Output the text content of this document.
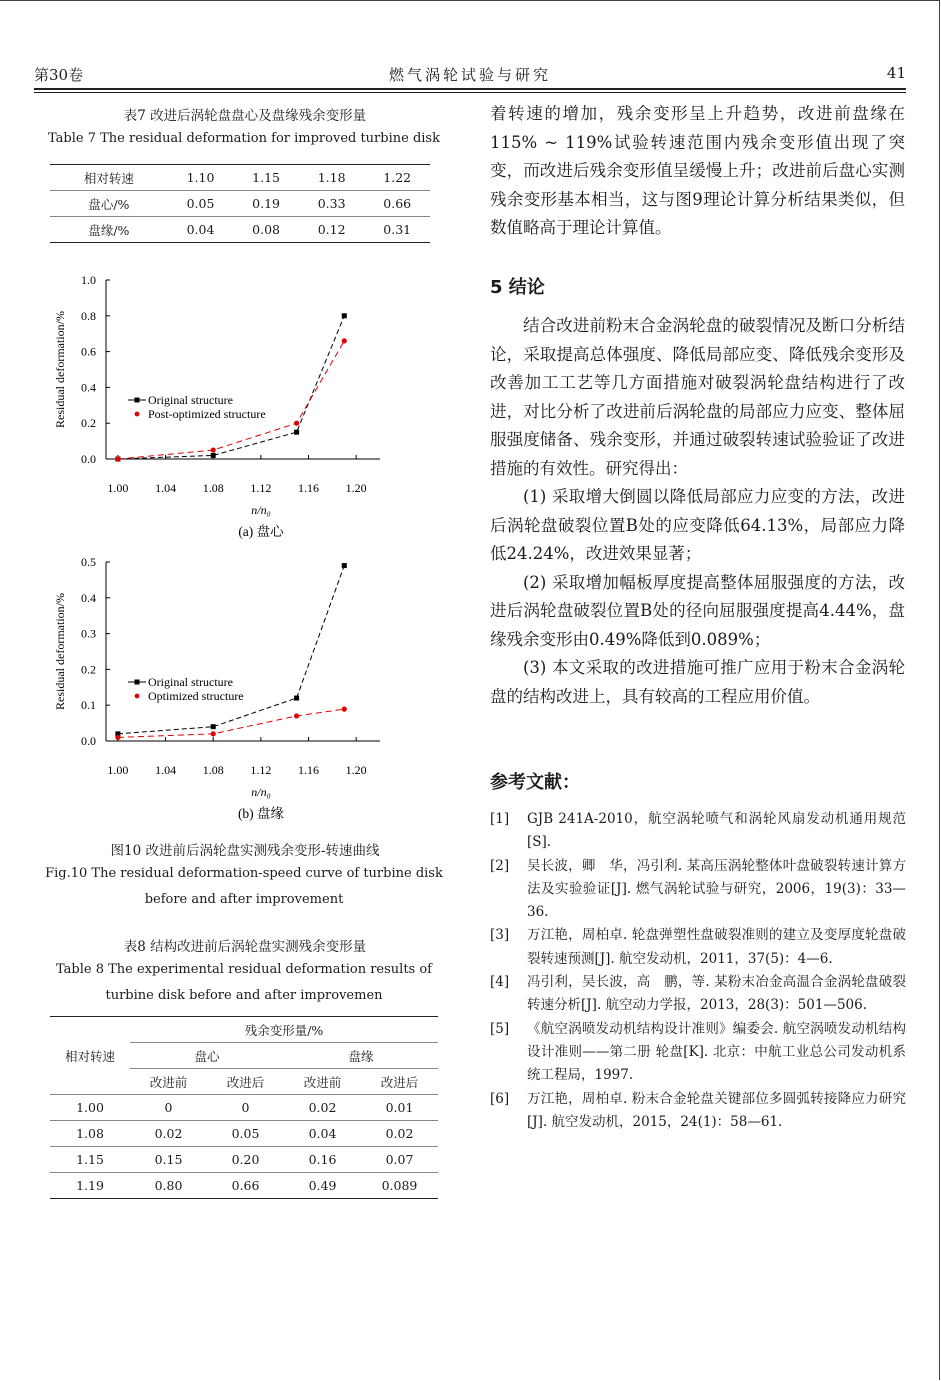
第30卷	燃气涡轮试验与研究	41
表7 改进后涡轮盘盘心及盘缘残余变形量
Table 7 The residual deformation for improved turbine disk
相对转速	1.10	1.15	1.18	1.22
盘心/%	0.05	0.19	0.33	0.66
盘缘/%	0.04	0.08	0.12	0.31
0.0
0.2
0.4
0.6
0.8
1.0
1.00 1.04 1.08 1.12 1.16 1.20
Residual deformation/%
n/n₀
Original structure
Post-optimized structure
(a) 盘心
0.0
0.1
0.2
0.3
0.4
0.5
1.00 1.04 1.08 1.12 1.16 1.20
Residual deformation/%
n/n₀
Original structure
Optimized structure
(b) 盘缘
图10 改进前后涡轮盘实测残余变形-转速曲线
Fig.10 The residual deformation-speed curve of turbine disk
before and after improvement
表8 结构改进前后涡轮盘实测残余变形量
Table 8 The experimental residual deformation results of
turbine disk before and after improvemen
相对转速	残余变形量/%			
	盘心		盘缘	
	改进前	改进后	改进前	改进后
1.00	0	0	0.02	0.01
1.08	0.02	0.05	0.04	0.02
1.15	0.15	0.20	0.16	0.07
1.19	0.80	0.66	0.49	0.089

着转速的增加，残余变形呈上升趋势，改进前盘缘在115% ~ 119%试验转速范围内残余变形值出现了突变，而改进后残余变形值呈缓慢上升；改进前后盘心实测残余变形基本相当，这与图9理论计算分析结果类似，但数值略高于理论计算值。

5 结论

结合改进前粉末合金涡轮盘的破裂情况及断口分析结论，采取提高总体强度、降低局部应变、降低残余变形及改善加工工艺等几方面措施对破裂涡轮盘结构进行了改进，对比分析了改进前后涡轮盘的局部应力应变、整体屈服强度储备、残余变形，并通过破裂转速试验验证了改进措施的有效性。研究得出：

(1) 采取增大倒圆以降低局部应力应变的方法，改进后涡轮盘破裂位置B处的应变降低64.13%，局部应力降低24.24%，改进效果显著；

(2) 采取增加幅板厚度提高整体屈服强度的方法，改进后涡轮盘破裂位置B处的径向屈服强度提高4.44%，盘缘残余变形由0.49%降低到0.089%；

(3) 本文采取的改进措施可推广应用于粉末合金涡轮盘的结构改进上，具有较高的工程应用价值。

参考文献：
[1]	GJB 241A-2010，航空涡轮喷气和涡轮风扇发动机通用规范[S].
[2]	吴长波，卿　华，冯引利. 某高压涡轮整体叶盘破裂转速计算方法及实验验证[J]. 燃气涡轮试验与研究，2006，19(3)：33—36.
[3]	万江艳，周柏卓. 轮盘弹塑性盘破裂准则的建立及变厚度轮盘破裂转速预测[J]. 航空发动机，2011，37(5)：4—6.
[4]	冯引利，吴长波，高　鹏，等. 某粉末冶金高温合金涡轮盘破裂转速分析[J]. 航空动力学报，2013，28(3)：501—506.
[5]	《航空涡喷发动机结构设计准则》编委会. 航空涡喷发动机结构设计准则——第二册 轮盘[K]. 北京：中航工业总公司发动机系统工程局，1997.
[6]	万江艳，周柏卓. 粉末合金轮盘关键部位多圆弧转接降应力研究[J]. 航空发动机，2015，24(1)：58—61.
